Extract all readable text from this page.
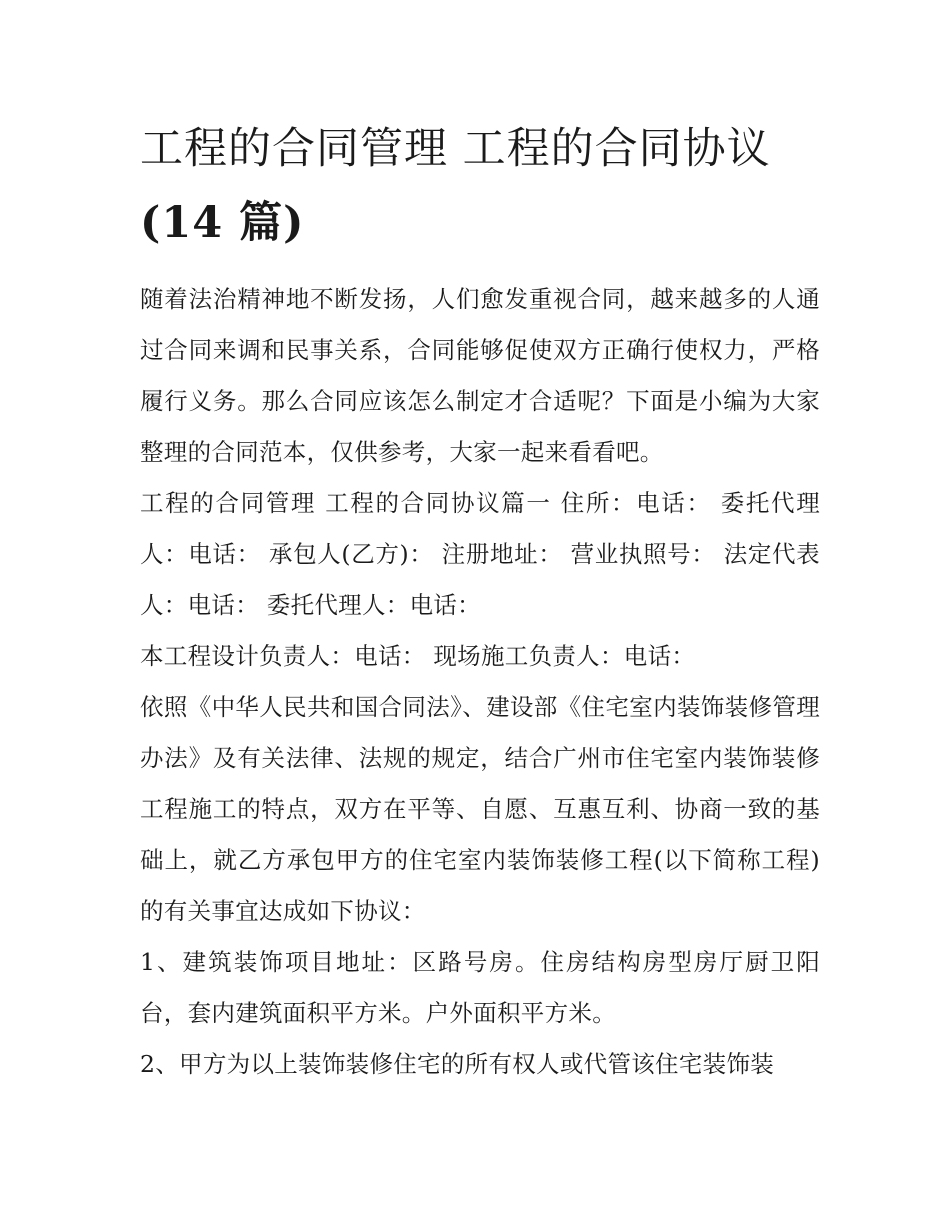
工程的合同管理 工程的合同协议
(14 篇)

随着法治精神地不断发扬，人们愈发重视合同，越来越多的人通过合同来调和民事关系，合同能够促使双方正确行使权力，严格履行义务。那么合同应该怎么制定才合适呢？下面是小编为大家整理的合同范本，仅供参考，大家一起来看看吧。

工程的合同管理 工程的合同协议篇一 住所：电话： 委托代理人：电话： 承包人(乙方)： 注册地址： 营业执照号： 法定代表人：电话： 委托代理人：电话：

本工程设计负责人：电话： 现场施工负责人：电话：

依照《中华人民共和国合同法》、建设部《住宅室内装饰装修管理办法》及有关法律、法规的规定，结合广州市住宅室内装饰装修工程施工的特点，双方在平等、自愿、互惠互利、协商一致的基础上，就乙方承包甲方的住宅室内装饰装修工程(以下简称工程)的有关事宜达成如下协议：

1、建筑装饰项目地址：区路号房。住房结构房型房厅厨卫阳台，套内建筑面积平方米。户外面积平方米。

2、甲方为以上装饰装修住宅的所有权人或代管该住宅装饰装
